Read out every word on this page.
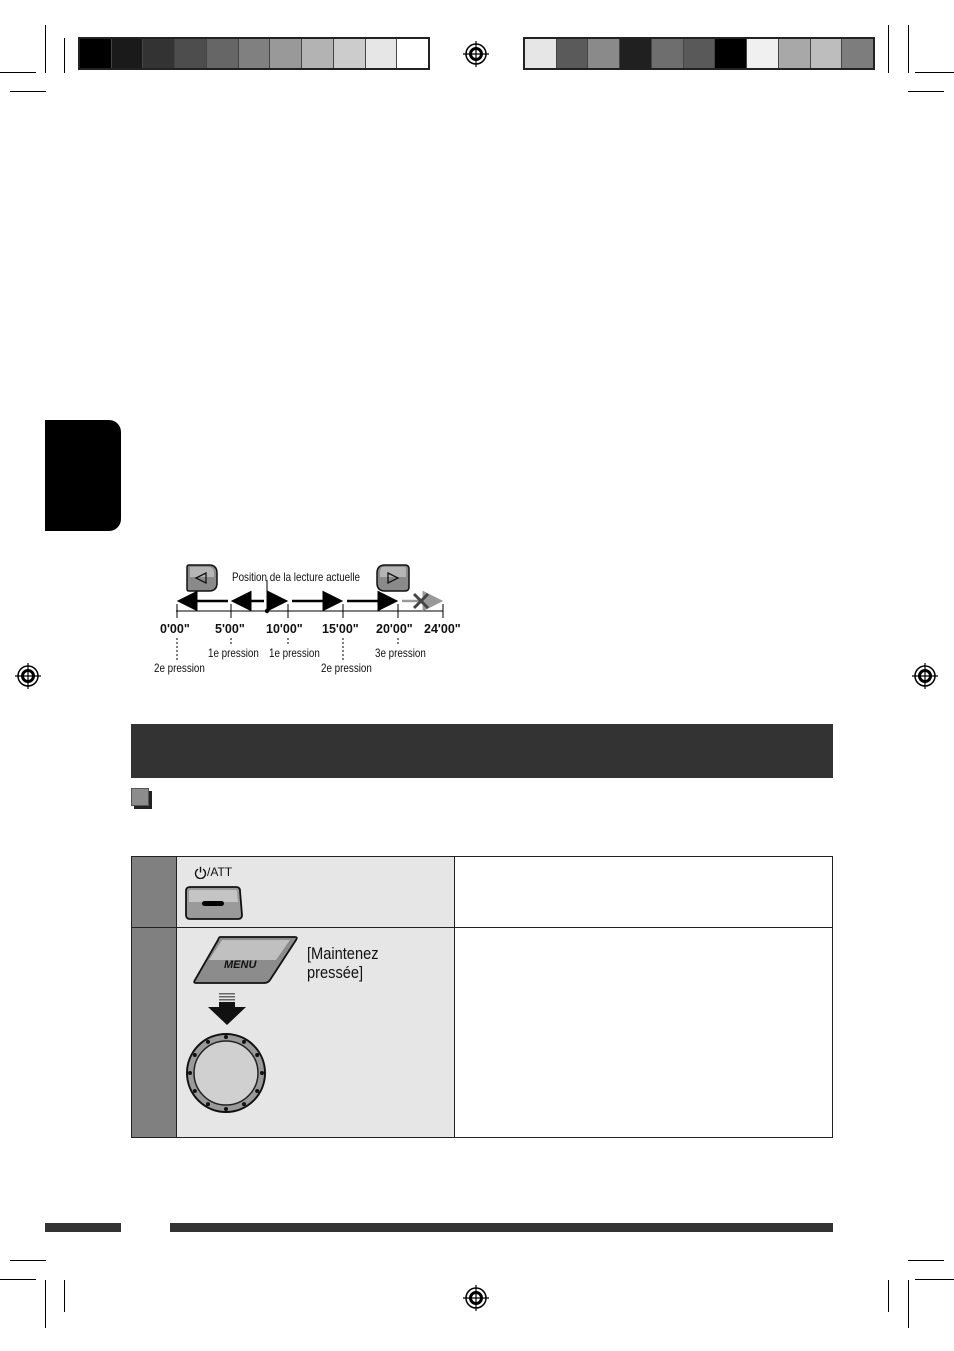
Position de la lecture actuelle
0'00" 5'00" 10'00" 15'00" 20'00" 24'00"
2e pression
1e pression 1e pression
2e pression
3e pression
/ATT
MENU
[Maintenez
pressée]
